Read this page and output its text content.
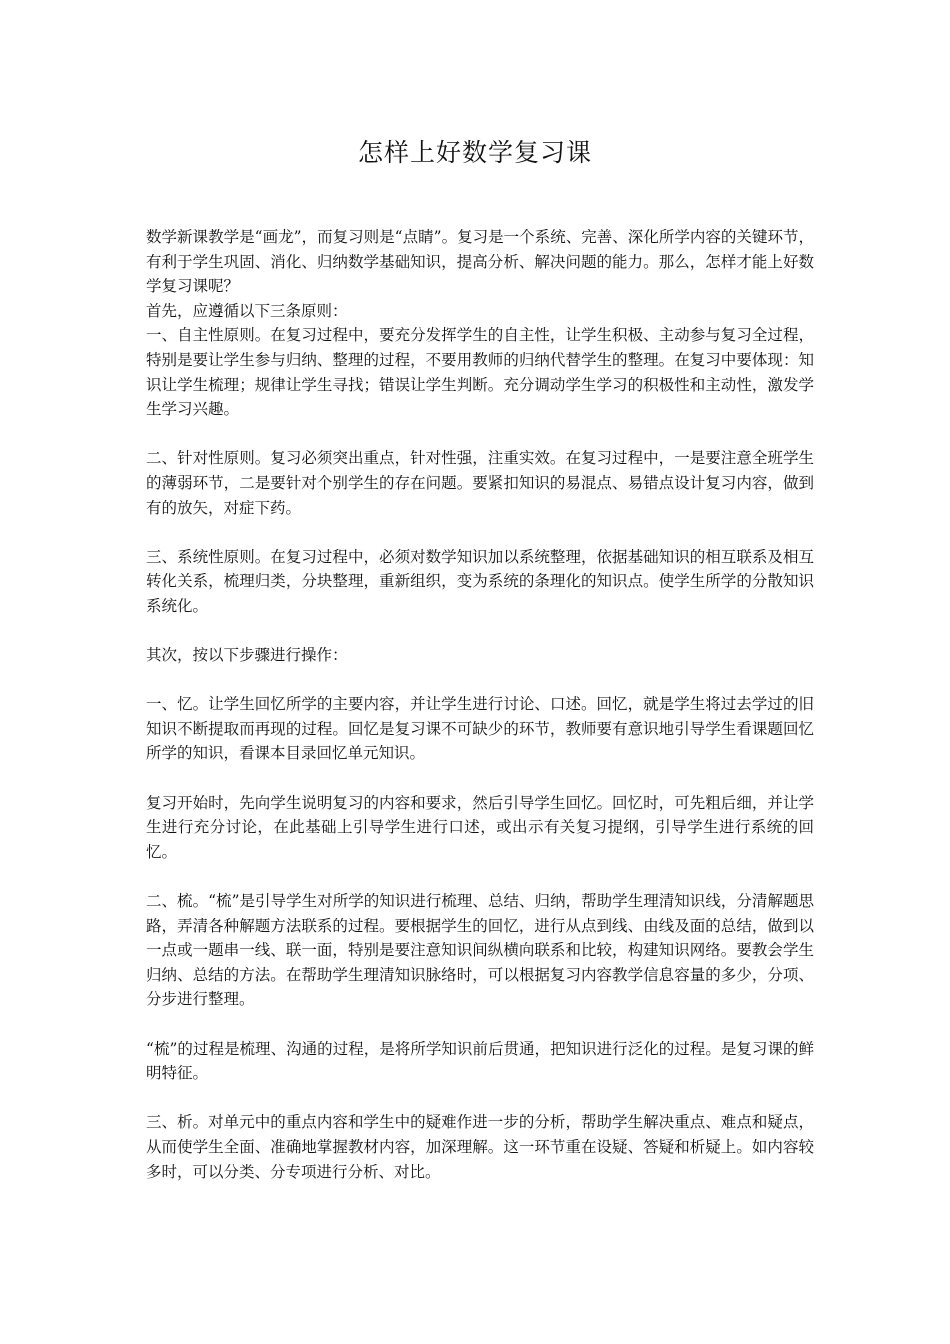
怎样上好数学复习课

数学新课教学是“画龙”，而复习则是“点睛”。复习是一个系统、完善、深化所学内容的关键环节，有利于学生巩固、消化、归纳数学基础知识，提高分析、解决问题的能力。那么，怎样才能上好数学复习课呢？

首先，应遵循以下三条原则：

一、自主性原则。在复习过程中，要充分发挥学生的自主性，让学生积极、主动参与复习全过程，特别是要让学生参与归纳、整理的过程，不要用教师的归纳代替学生的整理。在复习中要体现：知识让学生梳理；规律让学生寻找；错误让学生判断。充分调动学生学习的积极性和主动性，激发学生学习兴趣。

二、针对性原则。复习必须突出重点，针对性强，注重实效。在复习过程中，一是要注意全班学生的薄弱环节，二是要针对个别学生的存在问题。要紧扣知识的易混点、易错点设计复习内容，做到有的放矢，对症下药。

三、系统性原则。在复习过程中，必须对数学知识加以系统整理，依据基础知识的相互联系及相互转化关系，梳理归类，分块整理，重新组织，变为系统的条理化的知识点。使学生所学的分散知识系统化。

其次，按以下步骤进行操作：

一、忆。让学生回忆所学的主要内容，并让学生进行讨论、口述。回忆，就是学生将过去学过的旧知识不断提取而再现的过程。回忆是复习课不可缺少的环节，教师要有意识地引导学生看课题回忆所学的知识，看课本目录回忆单元知识。

复习开始时，先向学生说明复习的内容和要求，然后引导学生回忆。回忆时，可先粗后细，并让学生进行充分讨论，在此基础上引导学生进行口述，或出示有关复习提纲，引导学生进行系统的回忆。

二、梳。“梳”是引导学生对所学的知识进行梳理、总结、归纳，帮助学生理清知识线，分清解题思路，弄清各种解题方法联系的过程。要根据学生的回忆，进行从点到线、由线及面的总结，做到以一点或一题串一线、联一面，特别是要注意知识间纵横向联系和比较，构建知识网络。要教会学生归纳、总结的方法。在帮助学生理清知识脉络时，可以根据复习内容教学信息容量的多少，分项、分步进行整理。

“梳”的过程是梳理、沟通的过程，是将所学知识前后贯通，把知识进行泛化的过程。是复习课的鲜明特征。

三、析。对单元中的重点内容和学生中的疑难作进一步的分析，帮助学生解决重点、难点和疑点，从而使学生全面、准确地掌握教材内容，加深理解。这一环节重在设疑、答疑和析疑上。如内容较多时，可以分类、分专项进行分析、对比。
